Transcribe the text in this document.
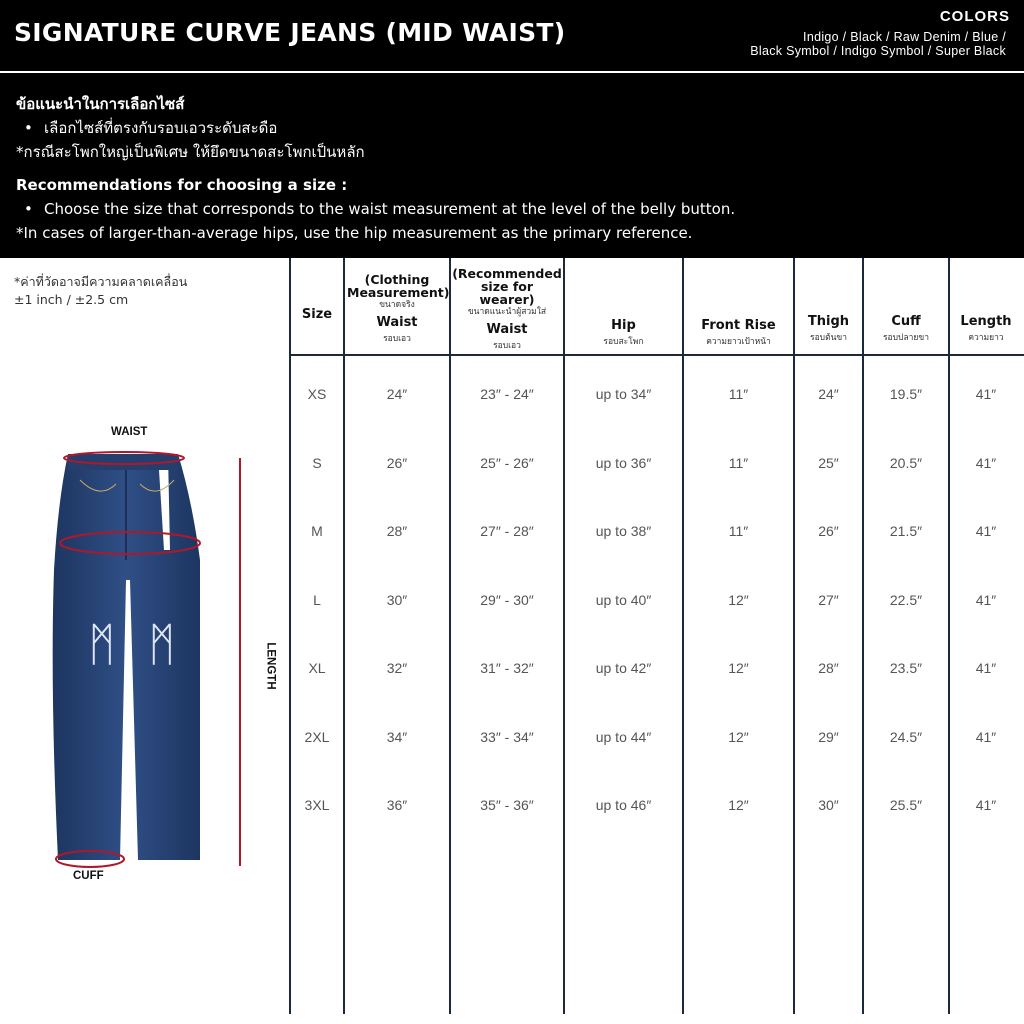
SIGNATURE CURVE JEANS (MID WAIST)
COLORS
Indigo / Black / Raw Denim / Blue /
Black Symbol / Indigo Symbol / Super Black
ข้อแนะนำในการเลือกไซส์
• เลือกไซส์ที่ตรงกับรอบเอวระดับสะดือ
*กรณีสะโพกใหญ่เป็นพิเศษ ให้ยึดขนาดสะโพกเป็นหลัก
Recommendations for choosing a size :
• Choose the size that corresponds to the waist measurement at the level of the belly button.
*In cases of larger-than-average hips, use the hip measurement as the primary reference.
*ค่าที่วัดอาจมีความคลาดเคลื่อน
±1 inch / ±2.5 cm
WAIST
CUFF
LENGTH
ᛗ ᛗ
Size
(Clothing Measurement)
ขนาดจริง
Waist
รอบเอว
(Recommended size for wearer)
ขนาดแนะนำผู้สวมใส่
Waist
รอบเอว
Hip
รอบสะโพก
Front Rise
ความยาวเป้าหน้า
Thigh
รอบต้นขา
Cuff
รอบปลายขา
Length
ความยาว
XS	24″	23″ - 24″	up to 34″	11″	24″	19.5″	41″
S	26″	25″ - 26″	up to 36″	11″	25″	20.5″	41″
M	28″	27″ - 28″	up to 38″	11″	26″	21.5″	41″
L	30″	29″ - 30″	up to 40″	12″	27″	22.5″	41″
XL	32″	31″ - 32″	up to 42″	12″	28″	23.5″	41″
2XL	34″	33″ - 34″	up to 44″	12″	29″	24.5″	41″
3XL	36″	35″ - 36″	up to 46″	12″	30″	25.5″	41″
